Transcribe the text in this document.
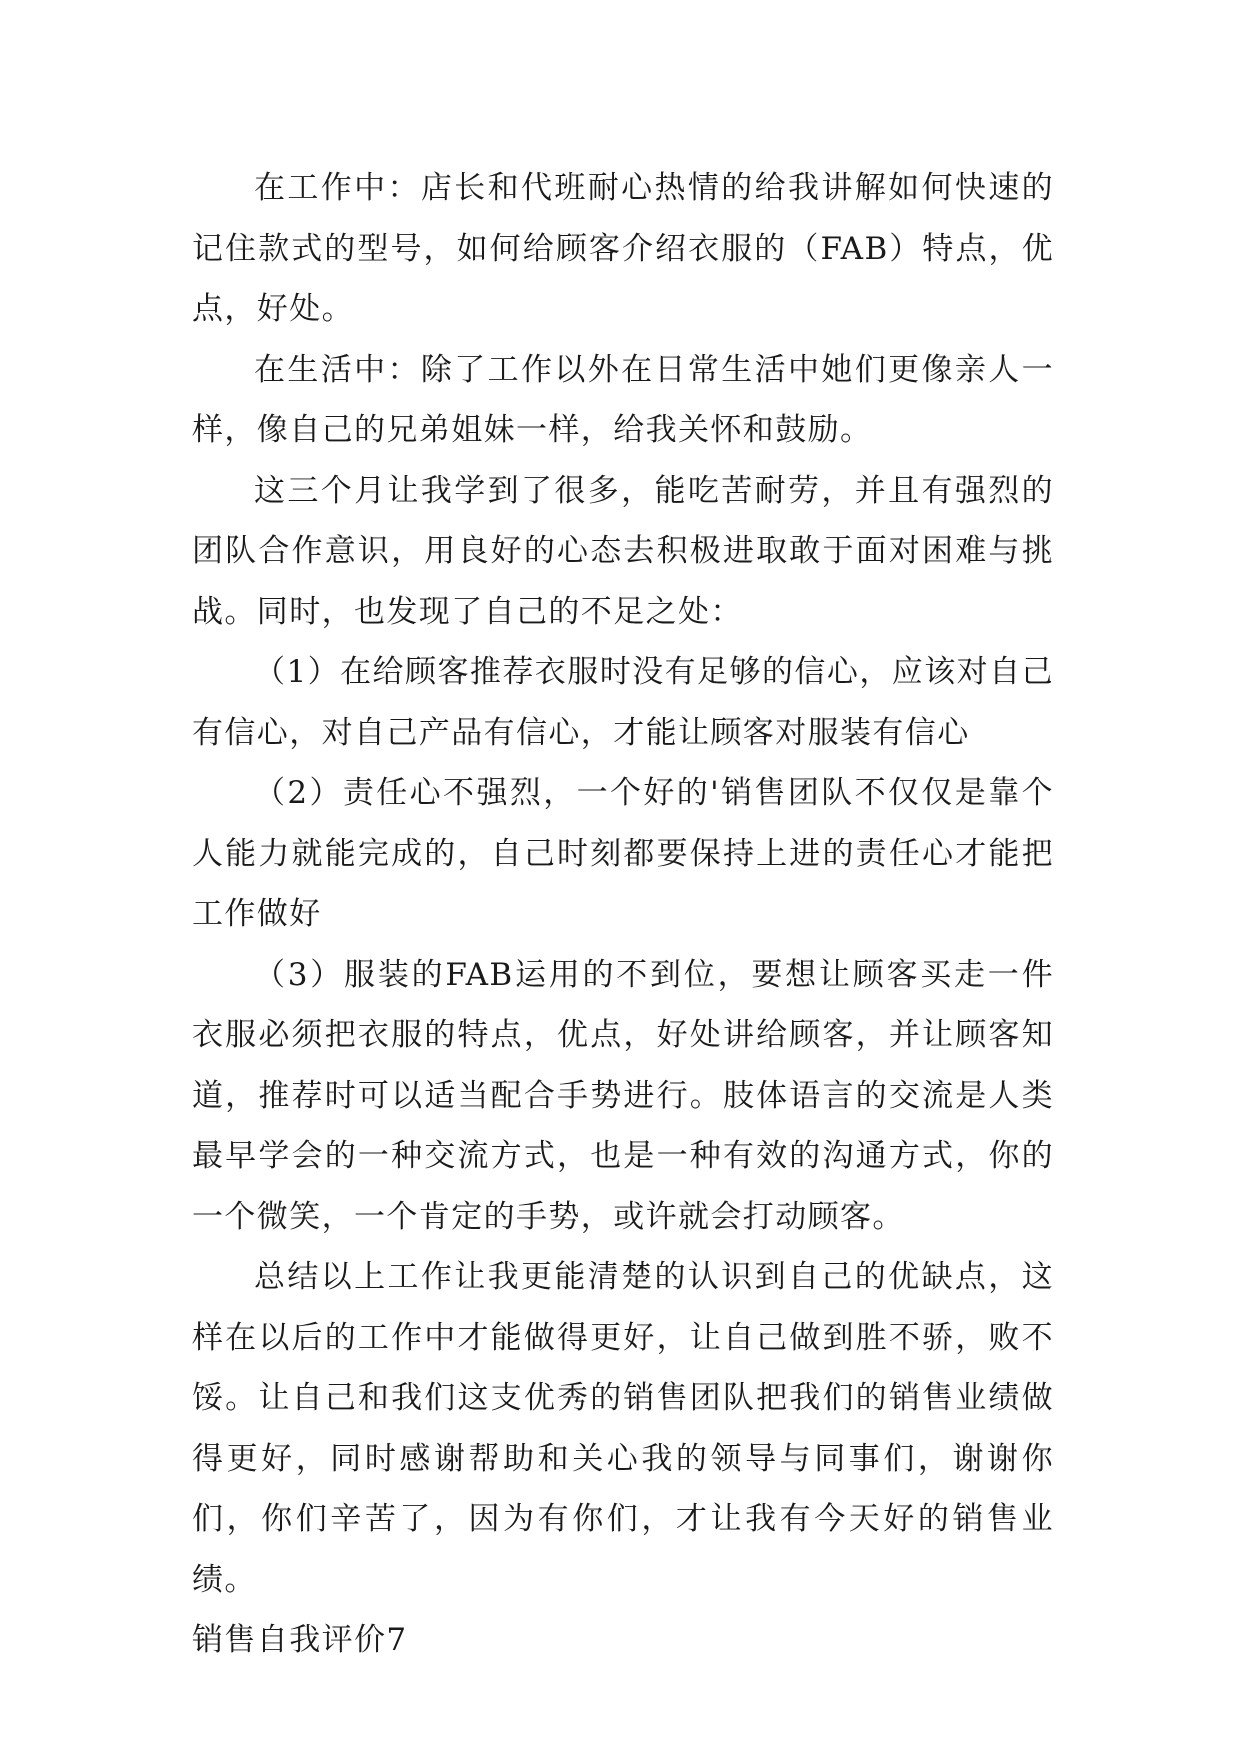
在工作中：店长和代班耐心热情的给我讲解如何快速的记住款式的型号，如何给顾客介绍衣服的（FAB）特点，优点，好处。

在生活中：除了工作以外在日常生活中她们更像亲人一样，像自己的兄弟姐妹一样，给我关怀和鼓励。

这三个月让我学到了很多，能吃苦耐劳，并且有强烈的团队合作意识，用良好的心态去积极进取敢于面对困难与挑战。同时，也发现了自己的不足之处：

（1）在给顾客推荐衣服时没有足够的信心，应该对自己有信心，对自己产品有信心，才能让顾客对服装有信心

（2）责任心不强烈，一个好的'销售团队不仅仅是靠个人能力就能完成的，自己时刻都要保持上进的责任心才能把工作做好

（3）服装的FAB运用的不到位，要想让顾客买走一件衣服必须把衣服的特点，优点，好处讲给顾客，并让顾客知道，推荐时可以适当配合手势进行。肢体语言的交流是人类最早学会的一种交流方式，也是一种有效的沟通方式，你的一个微笑，一个肯定的手势，或许就会打动顾客。

总结以上工作让我更能清楚的认识到自己的优缺点，这样在以后的工作中才能做得更好，让自己做到胜不骄，败不馁。让自己和我们这支优秀的销售团队把我们的销售业绩做得更好，同时感谢帮助和关心我的领导与同事们，谢谢你们，你们辛苦了，因为有你们，才让我有今天好的销售业绩。

销售自我评价7
